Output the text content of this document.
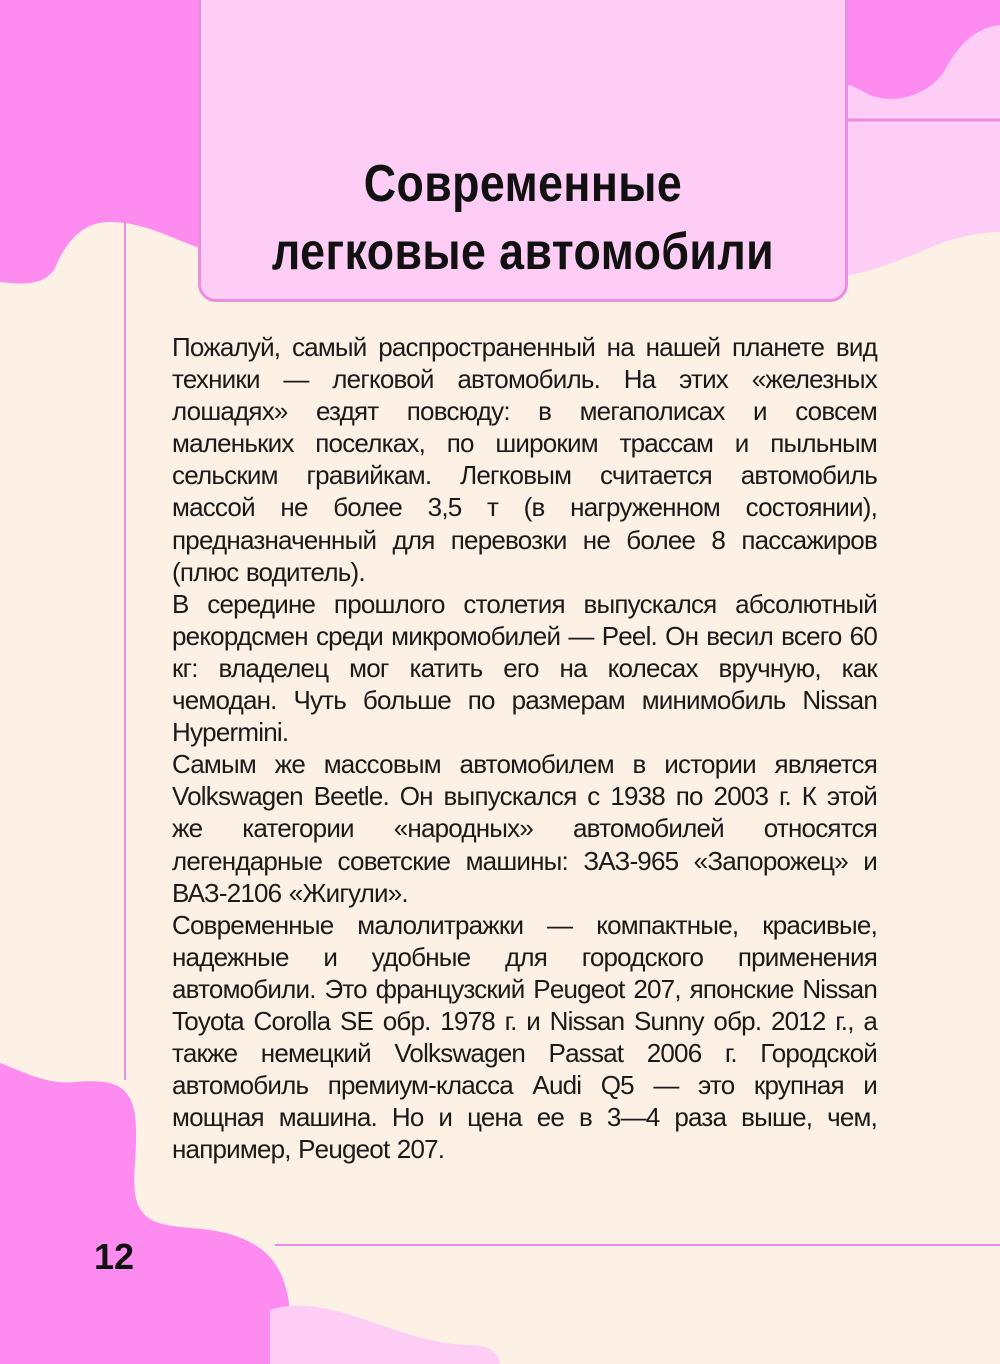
Современные
легковые автомобили

Пожалуй, самый распространенный на нашей планете вид техники — легковой автомобиль. На этих «железных лошадях» ездят повсюду: в мегаполисах и совсем маленьких поселках, по широким трассам и пыльным сельским гравийкам. Легковым считается автомобиль массой не более 3,5 т (в нагруженном состоянии), предназначенный для перевозки не более 8 пассажиров (плюс водитель).

В середине прошлого столетия выпускался абсолютный рекордсмен среди микромобилей — Peel. Он весил всего 60 кг: владелец мог катить его на колесах вручную, как чемодан. Чуть больше по размерам минимобиль Nissan Hypermini.

Самым же массовым автомобилем в истории является Volkswagen Beetle. Он выпускался с 1938 по 2003 г. К этой же категории «народных» автомобилей относятся легендарные советские машины: ЗАЗ-965 «Запорожец» и ВАЗ-2106 «Жигули».

Современные малолитражки — компактные, красивые, надежные и удобные для городского применения автомобили. Это французский Peugeot 207, японские Nissan Toyota Corolla SE обр. 1978 г. и Nissan Sunny обр. 2012 г., а также немецкий Volkswagen Passat 2006 г. Городской автомобиль премиум-класса Audi Q5 — это крупная и мощная машина. Но и цена ее в 3—4 раза выше, чем, например, Peugeot 207.

12
